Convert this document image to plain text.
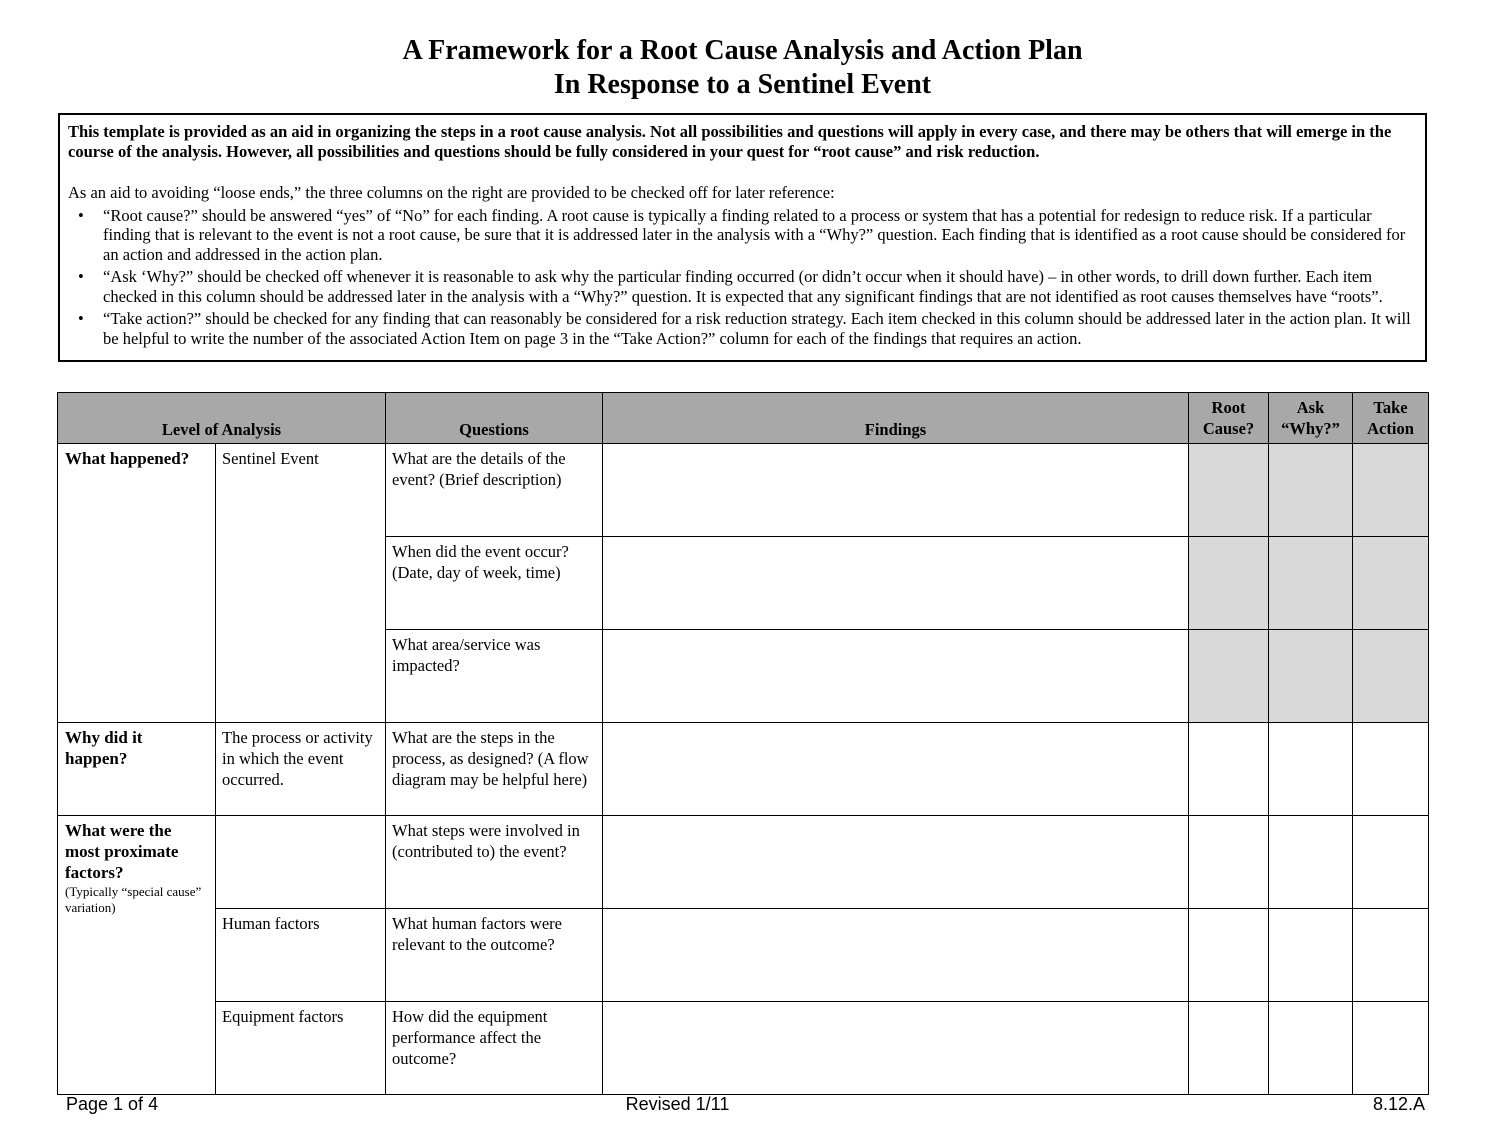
A Framework for a Root Cause Analysis and Action Plan
In Response to a Sentinel Event

This template is provided as an aid in organizing the steps in a root cause analysis. Not all possibilities and questions will apply in every case, and there may be others that will emerge in the course of the analysis. However, all possibilities and questions should be fully considered in your quest for “root cause” and risk reduction.

As an aid to avoiding “loose ends,” the three columns on the right are provided to be checked off for later reference:

• “Root cause?” should be answered “yes” of “No” for each finding. A root cause is typically a finding related to a process or system that has a potential for redesign to reduce risk. If a particular finding that is relevant to the event is not a root cause, be sure that it is addressed later in the analysis with a “Why?” question. Each finding that is identified as a root cause should be considered for an action and addressed in the action plan.
• “Ask ‘Why?” should be checked off whenever it is reasonable to ask why the particular finding occurred (or didn’t occur when it should have) – in other words, to drill down further. Each item checked in this column should be addressed later in the analysis with a “Why?” question. It is expected that any significant findings that are not identified as root causes themselves have “roots”.
• “Take action?” should be checked for any finding that can reasonably be considered for a risk reduction strategy. Each item checked in this column should be addressed later in the action plan. It will be helpful to write the number of the associated Action Item on page 3 in the “Take Action?” column for each of the findings that requires an action.
Level of Analysis		Questions	Findings	Root Cause?	Ask “Why?”	Take Action
What happened?	Sentinel Event	What are the details of the event? (Brief description)				
		When did the event occur? (Date, day of week, time)				
		What area/service was impacted?				
Why did it happen?	The process or activity in which the event occurred.	What are the steps in the process, as designed? (A flow diagram may be helpful here)				

What were the most proximate factors?
(Typically “special cause” variation)		What steps were involved in (contributed to) the event?				
	Human factors	What human factors were relevant to the outcome?				
	Equipment factors	How did the equipment performance affect the outcome?				
Page 1 of 4	Revised 1/11	8.12.A
